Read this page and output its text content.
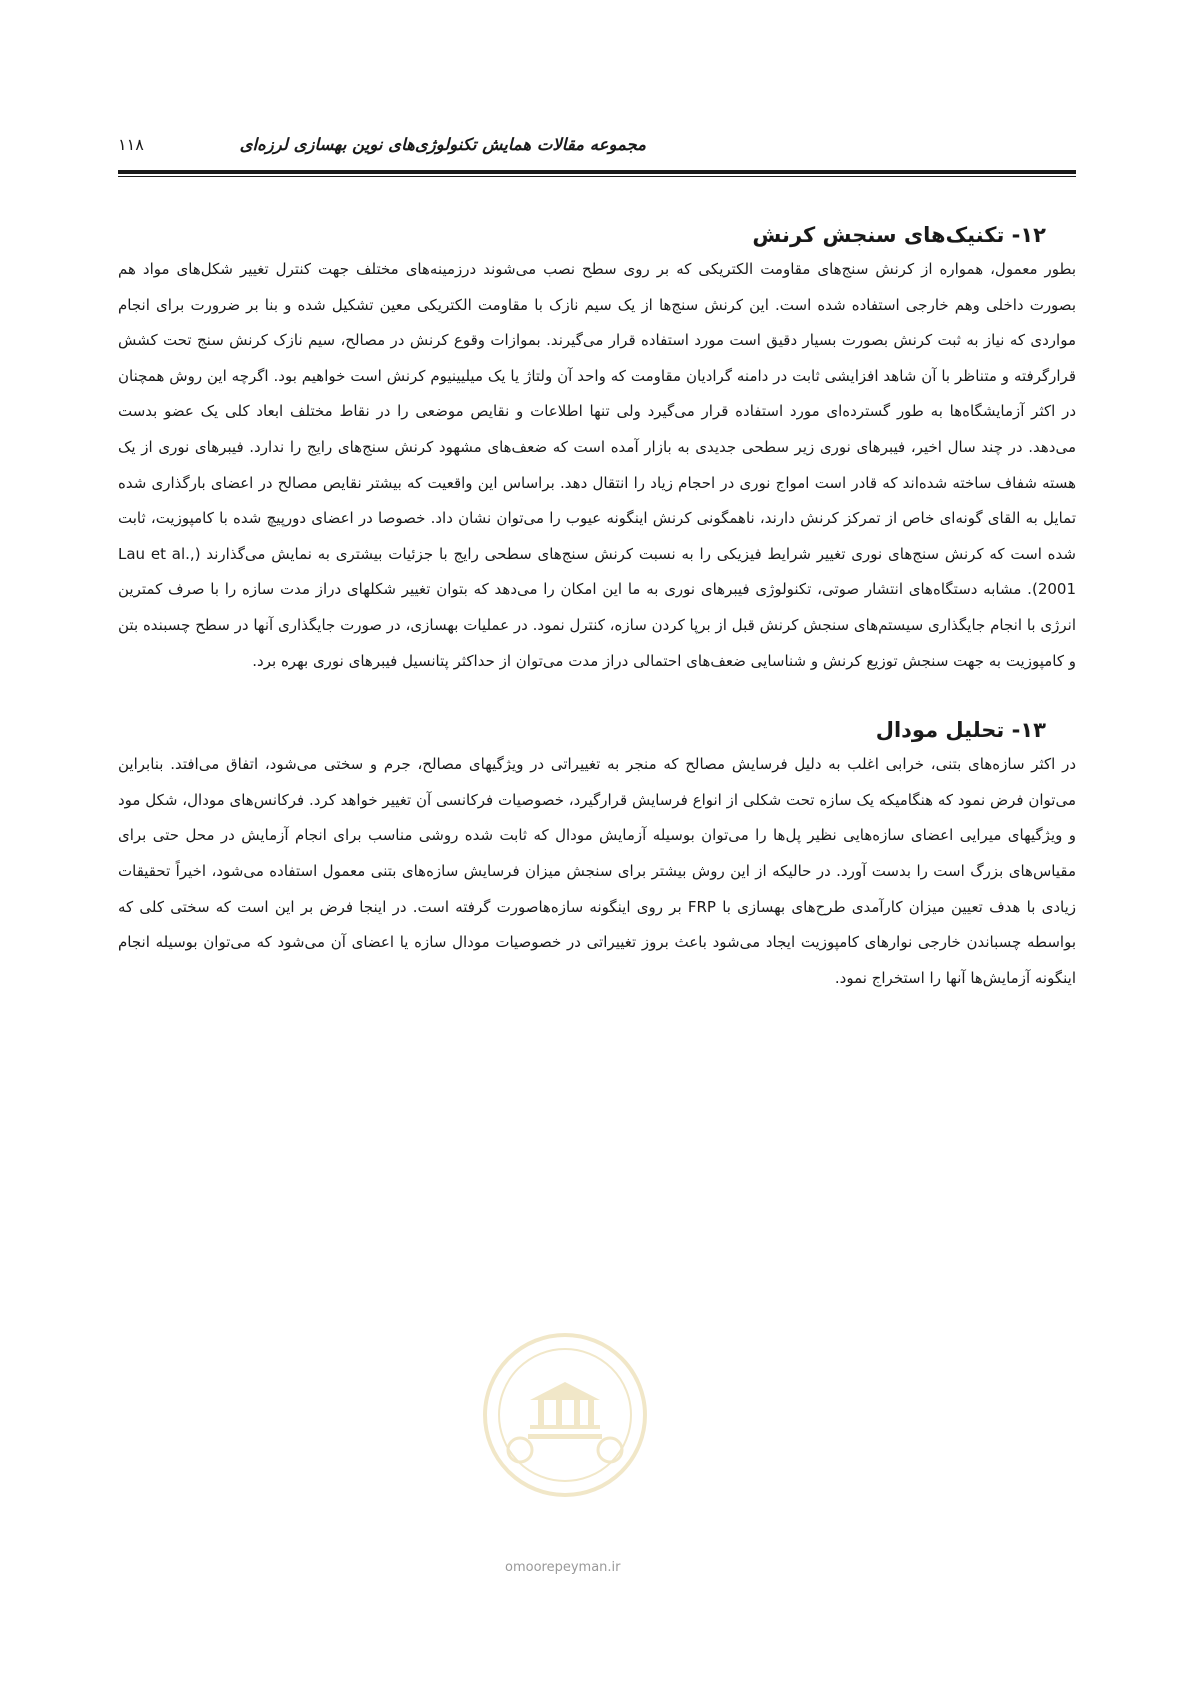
مجموعه مقالات همایش تکنولوژی‌های نوین بهسازی لرزه‌ای
۱۱۸
۱۲- تکنیک‌های سنجش کرنش

بطور معمول، همواره از کرنش سنج‌های مقاومت الکتریکی که بر روی سطح نصب می‌شوند درزمینه‌های مختلف جهت کنترل تغییر شکل‌های مواد هم بصورت داخلی وهم خارجی استفاده شده است. این کرنش سنج‌ها از یک سیم نازک با مقاومت الکتریکی معین تشکیل شده و بنا بر ضرورت برای انجام مواردی که نیاز به ثبت کرنش بصورت بسیار دقیق است مورد استفاده قرار می‌گیرند. بموازات وقوع کرنش در مصالح، سیم نازک کرنش سنج تحت کشش قرارگرفته و متناظر با آن شاهد افزایشی ثابت در دامنه گرادیان مقاومت که واحد آن ولتاژ یا یک میلیینیوم کرنش است خواهیم بود. اگرچه این روش همچنان در اکثر آزمایشگاه‌ها به طور گسترده‌ای مورد استفاده قرار می‌گیرد ولی تنها اطلاعات و نقایص موضعی را در نقاط مختلف ابعاد کلی یک عضو بدست می‌دهد. در چند سال اخیر، فیبرهای نوری زیر سطحی جدیدی به بازار آمده است که ضعف‌های مشهود کرنش سنج‌های رایج را ندارد. فیبرهای نوری از یک هسته شفاف ساخته شده‌اند که قادر است امواج نوری در احجام زیاد را انتقال دهد. براساس این واقعیت که بیشتر نقایص مصالح در اعضای بارگذاری شده تمایل به القای گونه‌ای خاص از تمرکز کرنش دارند، ناهمگونی کرنش اینگونه عیوب را می‌توان نشان داد. خصوصا در اعضای دورپیچ شده با کامپوزیت، ثابت شده است که کرنش سنج‌های نوری تغییر شرایط فیزیکی را به نسبت کرنش سنج‌های سطحی رایج با جزئیات بیشتری به نمایش می‌گذارند (Lau et al., 2001). مشابه دستگاه‌های انتشار صوتی، تکنولوژی فیبرهای نوری به ما این امکان را می‌دهد که بتوان تغییر شکلهای دراز مدت سازه را با صرف کمترین انرژی با انجام جایگذاری سیستم‌های سنجش کرنش قبل از برپا کردن سازه، کنترل نمود. در عملیات بهسازی، در صورت جایگذاری آنها در سطح چسبنده بتن و کامپوزیت به جهت سنجش توزیع کرنش و شناسایی ضعف‌های احتمالی دراز مدت می‌توان از حداکثر پتانسیل فیبرهای نوری بهره برد.

۱۳- تحلیل مودال

در اکثر سازه‌های بتنی، خرابی اغلب به دلیل فرسایش مصالح که منجر به تغییراتی در ویژگیهای مصالح، جرم و سختی می‌شود، اتفاق می‌افتد. بنابراین می‌توان فرض نمود که هنگامیکه یک سازه تحت شکلی از انواع فرسایش قرارگیرد، خصوصیات فرکانسی آن تغییر خواهد کرد. فرکانس‌های مودال، شکل مود و ویژگیهای میرایی اعضای سازه‌هایی نظیر پل‌ها را می‌توان بوسیله آزمایش مودال که ثابت شده روشی مناسب برای انجام آزمایش در محل حتی برای مقیاس‌های بزرگ است را بدست آورد. در حالیکه از این روش بیشتر برای سنجش میزان فرسایش سازه‌های بتنی معمول استفاده می‌شود، اخیراً تحقیقات زیادی با هدف تعیین میزان کارآمدی طرح‌های بهسازی با FRP بر روی اینگونه سازه‌هاصورت گرفته است. در اینجا فرض بر این است که سختی کلی که بواسطه چسباندن خارجی نوارهای کامپوزیت ایجاد می‌شود باعث بروز تغییراتی در خصوصیات مودال سازه یا اعضای آن می‌شود که می‌توان بوسیله انجام اینگونه آزمایش‌ها آنها را استخراج نمود.

omoorepeyman.ir
